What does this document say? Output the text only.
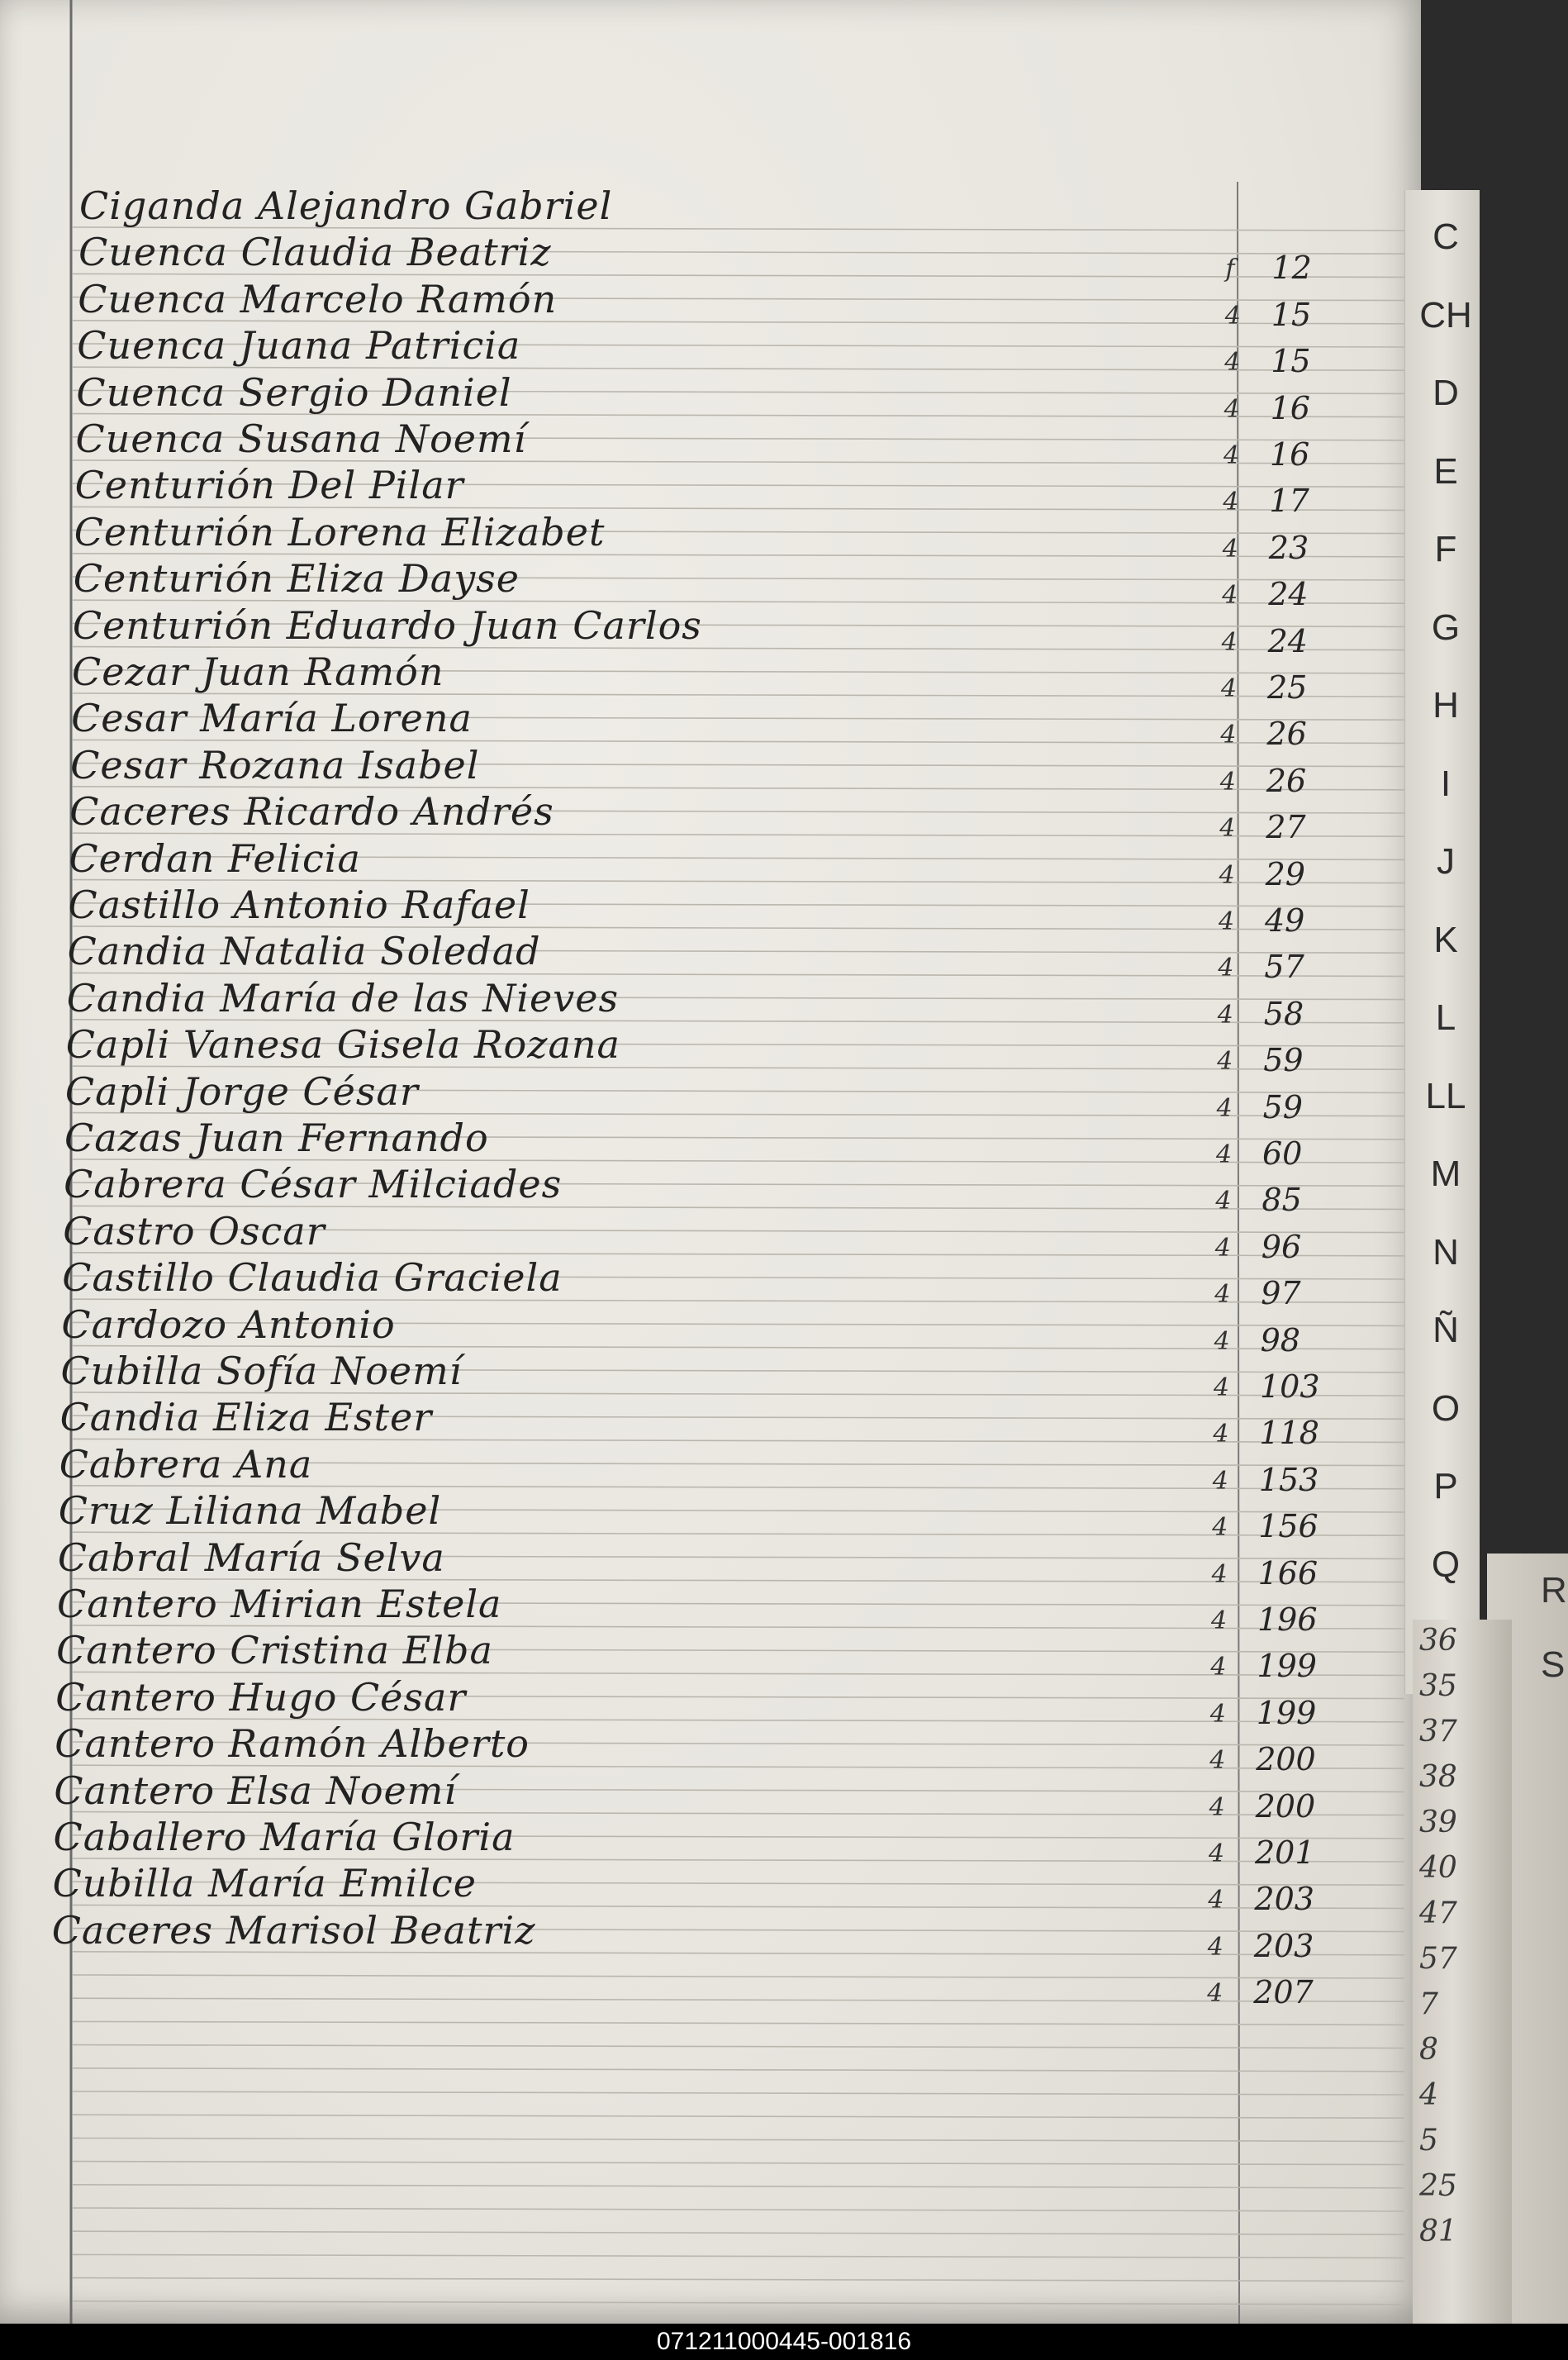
C
CH
D
E
F
G
H
I
J
K
L
LL
M
N
Ñ
O
P
Q
R
S
36
35
37
38
39
40
47
57
7
8
4
5
25
81
Ciganda Alejandro Gabriel
Cuenca Claudia Beatriz	f 12
Cuenca Marcelo Ramón	4 15
Cuenca Juana Patricia	4 15
Cuenca Sergio Daniel	4 16
Cuenca Susana Noemí	4 16
Centurión Del Pilar	4 17
Centurión Lorena Elizabet	4 23
Centurión Eliza Dayse	4 24
Centurión Eduardo Juan Carlos	4 24
Cezar Juan Ramón	4 25
Cesar María Lorena	4 26
Cesar Rozana Isabel	4 26
Caceres Ricardo Andrés	4 27
Cerdan Felicia	4 29
Castillo Antonio Rafael	4 49
Candia Natalia Soledad	4 57
Candia María de las Nieves	4 58
Capli Vanesa Gisela Rozana	4 59
Capli Jorge César	4 59
Cazas Juan Fernando	4 60
Cabrera César Milciades	4 85
Castro Oscar	4 96
Castillo Claudia Graciela	4 97
Cardozo Antonio	4 98
Cubilla Sofía Noemí	4 103
Candia Eliza Ester	4 118
Cabrera Ana	4 153
Cruz Liliana Mabel	4 156
Cabral María Selva	4 166
Cantero Mirian Estela	4 196
Cantero Cristina Elba	4 199
Cantero Hugo César	4 199
Cantero Ramón Alberto	4 200
Cantero Elsa Noemí	4 200
Caballero María Gloria	4 201
Cubilla María Emilce	4 203
Caceres Marisol Beatriz	4 203
4 207
071211000445-001816
